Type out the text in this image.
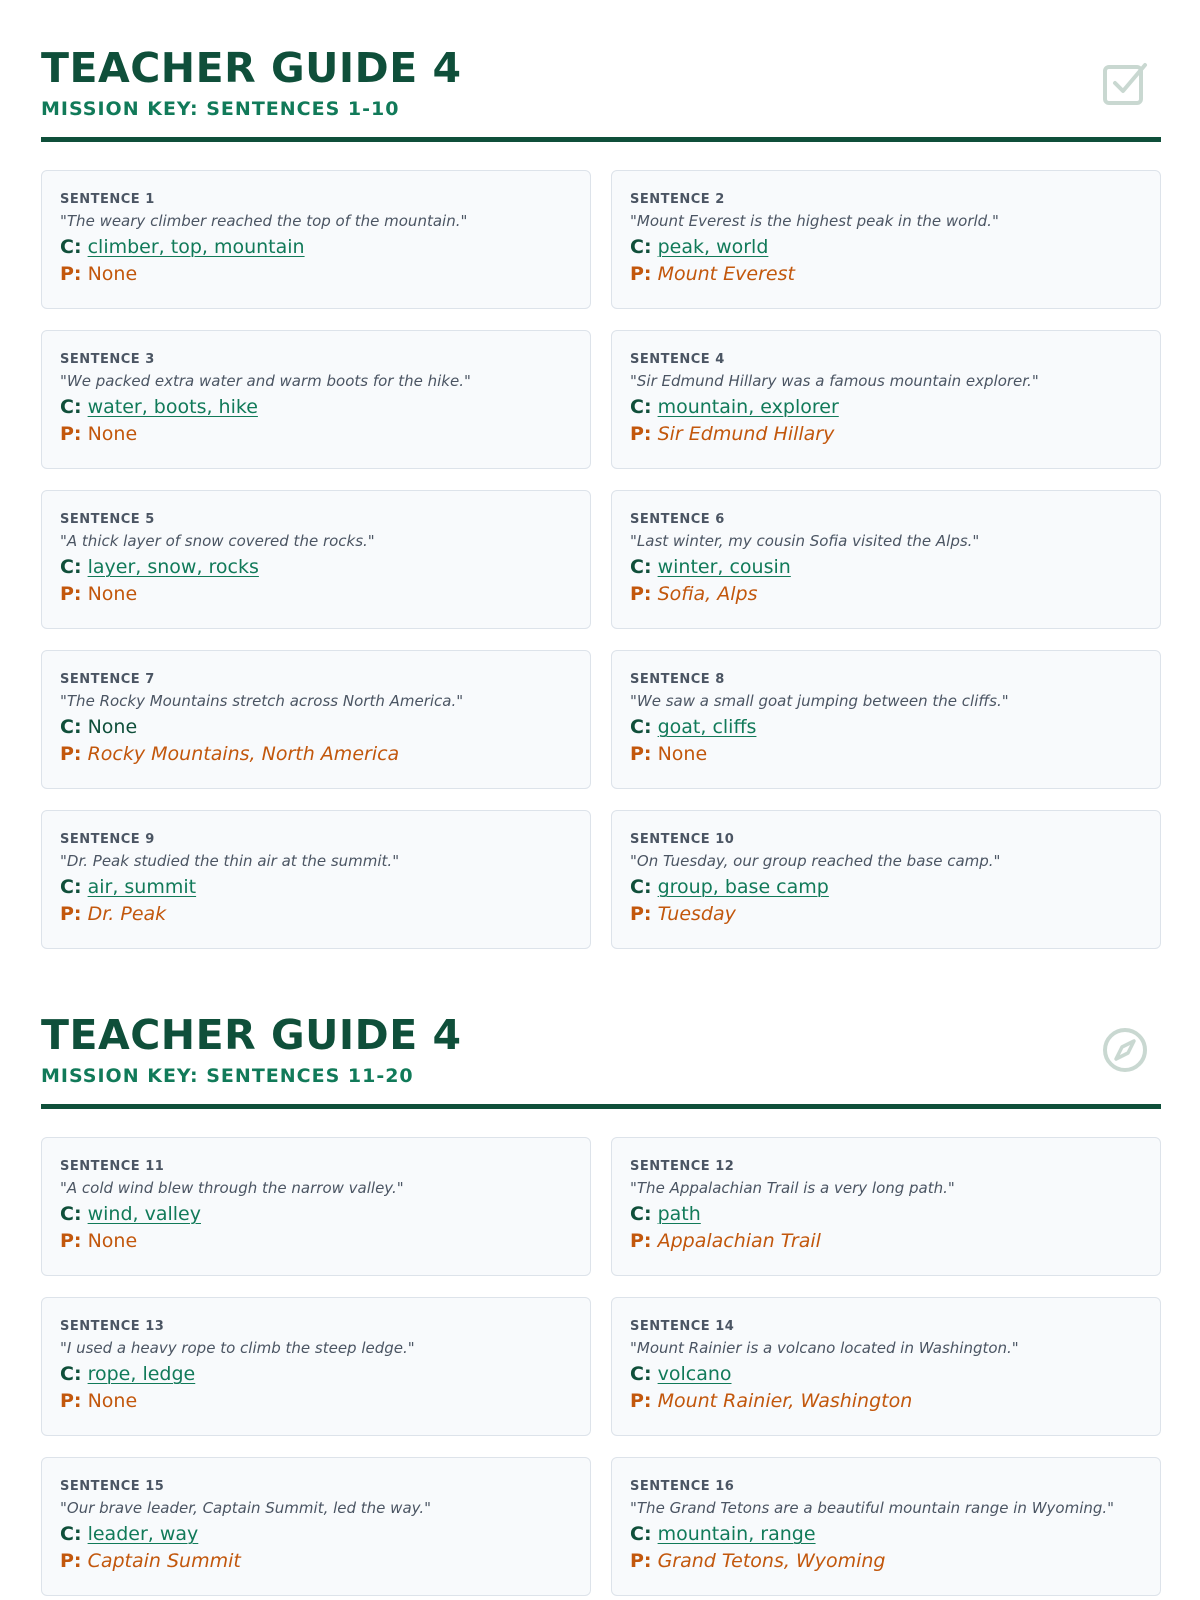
TEACHER GUIDE 4
MISSION KEY: SENTENCES 1-10
SENTENCE 1
"The weary climber reached the top of the mountain."
C: climber, top, mountain
P: None
SENTENCE 2
"Mount Everest is the highest peak in the world."
C: peak, world
P: Mount Everest
SENTENCE 3
"We packed extra water and warm boots for the hike."
C: water, boots, hike
P: None
SENTENCE 4
"Sir Edmund Hillary was a famous mountain explorer."
C: mountain, explorer
P: Sir Edmund Hillary
SENTENCE 5
"A thick layer of snow covered the rocks."
C: layer, snow, rocks
P: None
SENTENCE 6
"Last winter, my cousin Sofia visited the Alps."
C: winter, cousin
P: Sofia, Alps
SENTENCE 7
"The Rocky Mountains stretch across North America."
C: None
P: Rocky Mountains, North America
SENTENCE 8
"We saw a small goat jumping between the cliffs."
C: goat, cliffs
P: None
SENTENCE 9
"Dr. Peak studied the thin air at the summit."
C: air, summit
P: Dr. Peak
SENTENCE 10
"On Tuesday, our group reached the base camp."
C: group, base camp
P: Tuesday
TEACHER GUIDE 4
MISSION KEY: SENTENCES 11-20
SENTENCE 11
"A cold wind blew through the narrow valley."
C: wind, valley
P: None
SENTENCE 12
"The Appalachian Trail is a very long path."
C: path
P: Appalachian Trail
SENTENCE 13
"I used a heavy rope to climb the steep ledge."
C: rope, ledge
P: None
SENTENCE 14
"Mount Rainier is a volcano located in Washington."
C: volcano
P: Mount Rainier, Washington
SENTENCE 15
"Our brave leader, Captain Summit, led the way."
C: leader, way
P: Captain Summit
SENTENCE 16
"The Grand Tetons are a beautiful mountain range in Wyoming."
C: mountain, range
P: Grand Tetons, Wyoming
